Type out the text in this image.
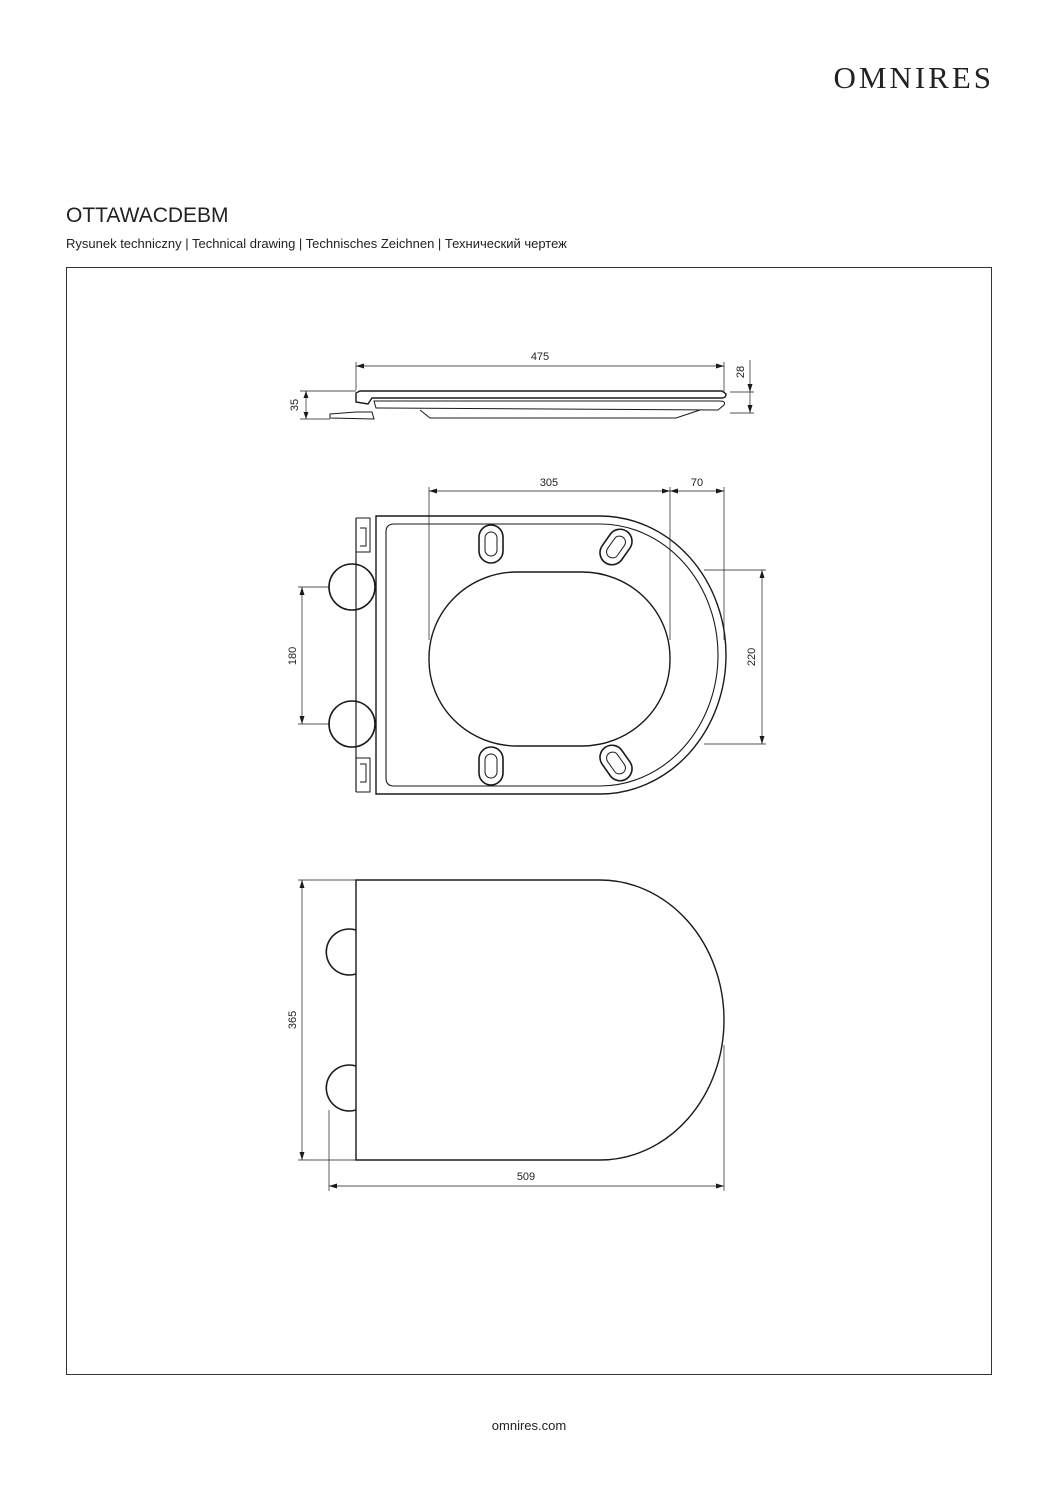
OMNIRES
OTTAWACDEBM
Rysunek techniczny | Technical drawing | Technisches Zeichnen | Технический чертеж
475
28
35
305	70
220
180
365
509
omnires.com
